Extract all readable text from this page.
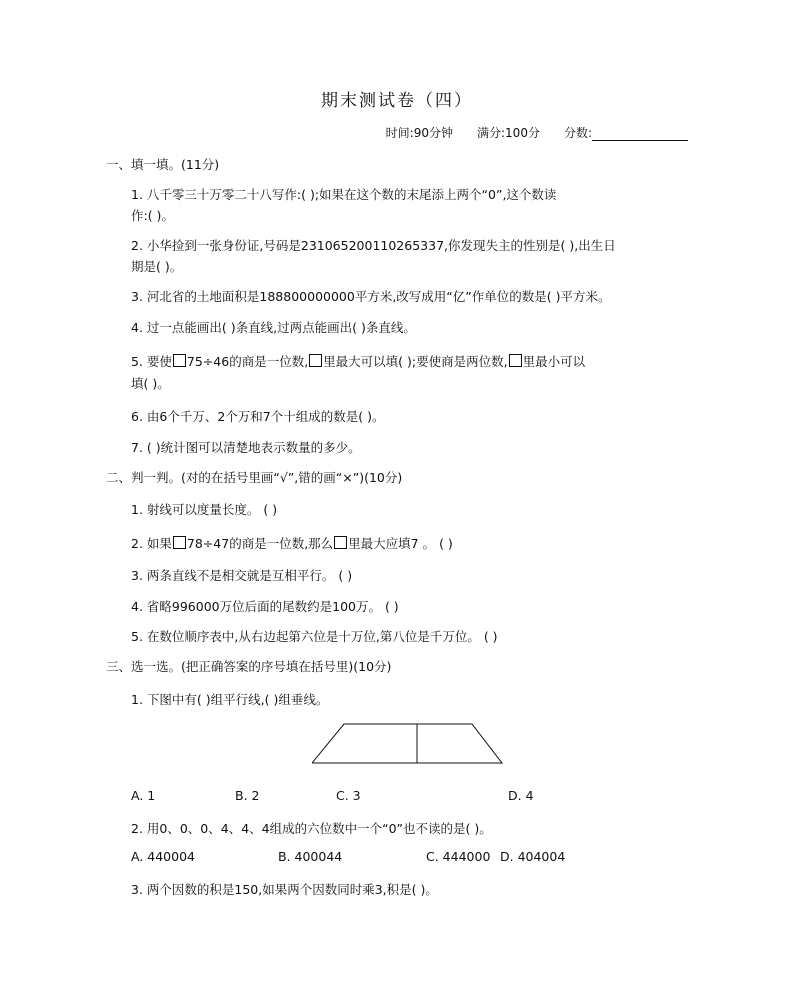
期末测试卷（四）
时间:90分钟 满分:100分 分数:
一、填一填。(11分)
1. 八千零三十万零二十八写作:( );如果在这个数的末尾添上两个“0”,这个数读
作:( )。
2. 小华捡到一张身份证,号码是231065200110265337,你发现失主的性别是( ),出生日
期是( )。
3. 河北省的土地面积是188800000000平方米,改写成用“亿”作单位的数是( )平方米。
4. 过一点能画出( )条直线,过两点能画出( )条直线。
5. 要使 75÷46的商是一位数, 里最大可以填( );要使商是两位数, 里最小可以
填( )。
6. 由6个千万、2个万和7个十组成的数是( )。
7. ( )统计图可以清楚地表示数量的多少。
二、判一判。(对的在括号里画“√”,错的画“×”)(10分)
1. 射线可以度量长度。 ( )
2. 如果 78÷47的商是一位数,那么 里最大应填7 。 ( )
3. 两条直线不是相交就是互相平行。 ( )
4. 省略996000万位后面的尾数约是100万。 ( )
5. 在数位顺序表中,从右边起第六位是十万位,第八位是千万位。 ( )
三、选一选。(把正确答案的序号填在括号里)(10分)
1. 下图中有( )组平行线,( )组垂线。
A. 1	B. 2	C. 3	D. 4
2. 用0、0、0、4、4、4组成的六位数中一个“0”也不读的是( )。
A. 440004	B. 400044	C. 444000 D. 404004
3. 两个因数的积是150,如果两个因数同时乘3,积是( )。
